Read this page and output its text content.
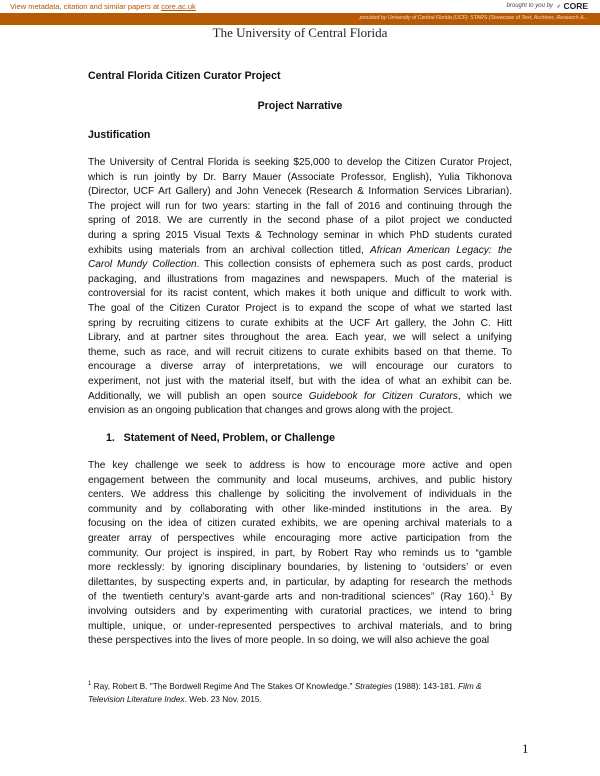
View metadata, citation and similar papers at core.ac.uk	brought to you by ⸙ CORE
provided by University of Central Florida (UCF): STARS (Showcase of Text, Archives, Research &...
The University of Central Florida
Central Florida Citizen Curator Project
Project Narrative
Justification
The University of Central Florida is seeking $25,000 to develop the Citizen Curator Project,
which is run jointly by Dr. Barry Mauer (Associate Professor, English), Yulia Tikhonova
(Director, UCF Art Gallery) and John Venecek (Research & Information Services Librarian).
The project will run for two years: starting in the fall of 2016 and continuing through the
spring of 2018. We are currently in the second phase of a pilot project we conducted
during a spring 2015 Visual Texts & Technology seminar in which PhD students curated
exhibits using materials from an archival collection titled, African American Legacy: the
Carol Mundy Collection. This collection consists of ephemera such as post cards, product
packaging, and illustrations from magazines and newspapers. Much of the material is
controversial for its racist content, which makes it both unique and difficult to work with.
The goal of the Citizen Curator Project is to expand the scope of what we started last
spring by recruiting citizens to curate exhibits at the UCF Art gallery, the John C. Hitt
Library, and at partner sites throughout the area. Each year, we will select a unifying
theme, such as race, and will recruit citizens to curate exhibits based on that theme. To
encourage a diverse array of interpretations, we will encourage our curators to
experiment, not just with the material itself, but with the idea of what an exhibit can be.
Additionally, we will publish an open source Guidebook for Citizen Curators, which we
envision as an ongoing publication that changes and grows along with the project.
1.   Statement of Need, Problem, or Challenge
The key challenge we seek to address is how to encourage more active and open
engagement between the community and local museums, archives, and public history
centers. We address this challenge by soliciting the involvement of individuals in the
community and by collaborating with other like-minded institutions in the area. By
focusing on the idea of citizen curated exhibits, we are opening archival materials to a
greater array of perspectives while encouraging more active participation from the
community. Our project is inspired, in part, by Robert Ray who reminds us to “gamble
more recklessly: by ignoring disciplinary boundaries, by listening to ‘outsiders’ or even
dilettantes, by suspecting experts and, in particular, by adapting for research the methods
of the twentieth century’s avant-garde arts and non-traditional sciences” (Ray 160).$^1$ By
involving outsiders and by experimenting with curatorial practices, we intend to bring
multiple, unique, or under-represented perspectives to archival materials, and to bring
these perspectives into the lives of more people. In so doing, we will also achieve the goal
$^1$ Ray, Robert B. "The Bordwell Regime And The Stakes Of Knowledge." Strategies (1988): 143-181. Film &
Television Literature Index. Web. 23 Nov. 2015.
1
